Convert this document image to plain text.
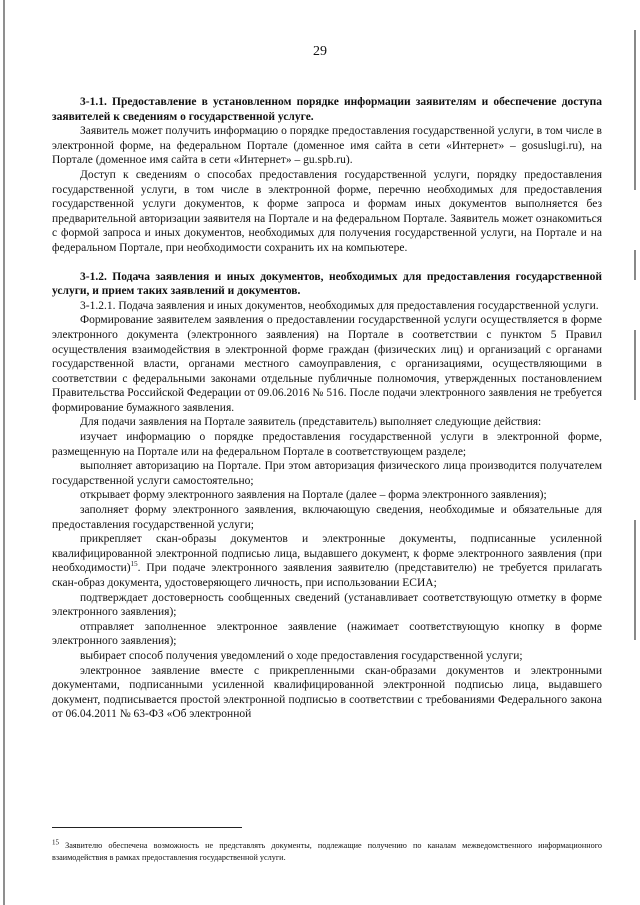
29

3-1.1. Предоставление в установленном порядке информации заявителям и обеспечение доступа заявителей к сведениям о государственной услуге.

Заявитель может получить информацию о порядке предоставления государственной услуги, в том числе в электронной форме, на федеральном Портале (доменное имя сайта в сети «Интернет» – gosuslugi.ru), на Портале (доменное имя сайта в сети «Интернет» – gu.spb.ru).

Доступ к сведениям о способах предоставления государственной услуги, порядку предоставления государственной услуги, в том числе в электронной форме, перечню необходимых для предоставления государственной услуги документов, к форме запроса и формам иных документов выполняется без предварительной авторизации заявителя на Портале и на федеральном Портале. Заявитель может ознакомиться с формой запроса и иных документов, необходимых для получения государственной услуги, на Портале и на федеральном Портале, при необходимости сохранить их на компьютере.

3-1.2. Подача заявления и иных документов, необходимых для предоставления государственной услуги, и прием таких заявлений и документов.

3-1.2.1. Подача заявления и иных документов, необходимых для предоставления государственной услуги.

Формирование заявителем заявления о предоставлении государственной услуги осуществляется в форме электронного документа (электронного заявления) на Портале в соответствии с пунктом 5 Правил осуществления взаимодействия в электронной форме граждан (физических лиц) и организаций с органами государственной власти, органами местного самоуправления, с организациями, осуществляющими в соответствии с федеральными законами отдельные публичные полномочия, утвержденных постановлением Правительства Российской Федерации от 09.06.2016 № 516. После подачи электронного заявления не требуется формирование бумажного заявления.

Для подачи заявления на Портале заявитель (представитель) выполняет следующие действия:

изучает информацию о порядке предоставления государственной услуги в электронной форме, размещенную на Портале или на федеральном Портале в соответствующем разделе;

выполняет авторизацию на Портале. При этом авторизация физического лица производится получателем государственной услуги самостоятельно;

открывает форму электронного заявления на Портале (далее – форма электронного заявления);

заполняет форму электронного заявления, включающую сведения, необходимые и обязательные для предоставления государственной услуги;

прикрепляет скан-образы документов и электронные документы, подписанные усиленной квалифицированной электронной подписью лица, выдавшего документ, к форме электронного заявления (при необходимости)$^{15}$. При подаче электронного заявления заявителю (представителю) не требуется прилагать скан-образ документа, удостоверяющего личность, при использовании ЕСИА;

подтверждает достоверность сообщенных сведений (устанавливает соответствующую отметку в форме электронного заявления);

отправляет заполненное электронное заявление (нажимает соответствующую кнопку в форме электронного заявления);

выбирает способ получения уведомлений о ходе предоставления государственной услуги;

электронное заявление вместе с прикрепленными скан-образами документов и электронными документами, подписанными усиленной квалифицированной электронной подписью лица, выдавшего документ, подписывается простой электронной подписью в соответствии с требованиями Федерального закона от 06.04.2011 № 63-ФЗ «Об электронной

$^{15}$ Заявителю обеспечена возможность не представлять документы, подлежащие получению по каналам межведомственного информационного взаимодействия в рамках предоставления государственной услуги.
